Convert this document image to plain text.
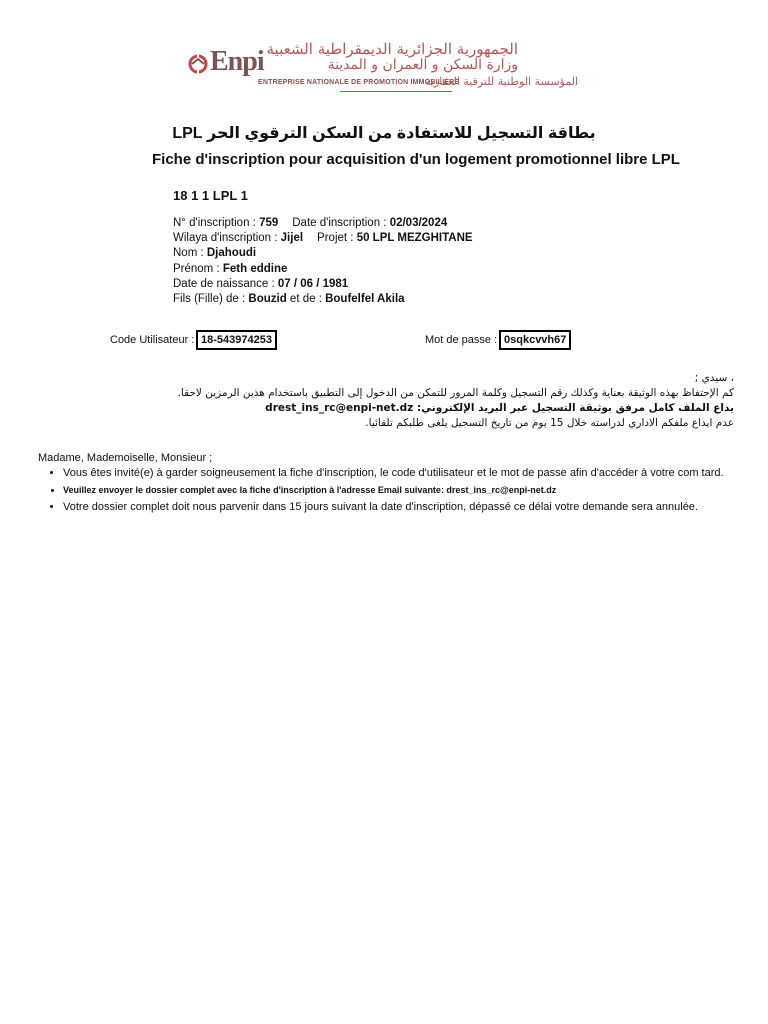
Enpi الجمهورية الجزائرية الديمقراطية الشعبية
وزارة السكن و العمران و المدينة
ENTREPRISE NATIONALE DE PROMOTION IMMOBILIÈRE
المؤسسة الوطنية للترقية العقارية
بطاقة التسجيل للاستفادة من السكن الترقوي الحر LPL
Fiche d'inscription pour acquisition d'un logement promotionnel libre LPL
18 1 1 LPL 1
N° d'inscription : 759 Date d'inscription : 02/03/2024
Wilaya d'inscription : Jijel Projet : 50 LPL MEZGHITANE
Nom : Djahoudi
Prénom : Feth eddine
Date de naissance : 07 / 06 / 1981
Fils (Fille) de : Bouzid et de : Boufelfel Akila
Code Utilisateur : 18-543974253	Mot de passe : 0sqkcvvh67
، سيدي ;
كم الإحتفاظ بهذه الوثيقة بعناية وكذلك رقم التسجيل وكلمة المرور للتمكن من الدخول إلى التطبيق باستخدام هذين الرمزين لاحقا.
يداع الملف كامل مرفق بوثيقة التسجيل عبر البريد الإلكتروني: drest_ins_rc@enpi-net.dz
عدم ايداع ملفكم الاداري لدراسته خلال 15 يوم من تاريخ التسجيل يلغى طلبكم تلقائيا.
Madame, Mademoiselle, Monsieur ;
• Vous êtes invité(e) à garder soigneusement la fiche d'inscription, le code d'utilisateur et le mot de passe afin d'accéder à votre com tard.
• Veuillez envoyer le dossier complet avec la fiche d'inscription à l'adresse Email suivante: drest_ins_rc@enpi-net.dz
• Votre dossier complet doit nous parvenir dans 15 jours suivant la date d'inscription, dépassé ce délai votre demande sera annulée.
